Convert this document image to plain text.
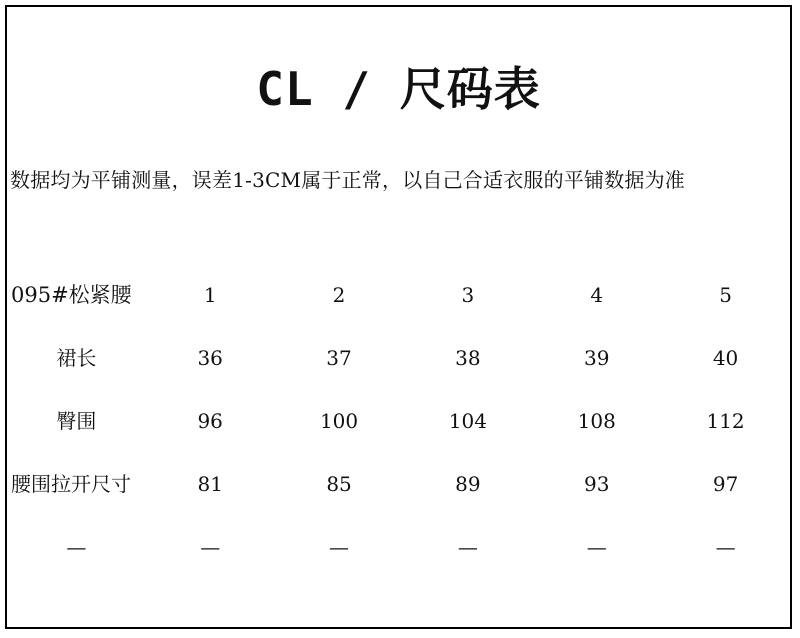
CL / 尺码表
数据均为平铺测量，误差1-3CM属于正常，以自己合适衣服的平铺数据为准
095#松紧腰	1	2	3	4	5
裙长	36	37	38	39	40
臀围	96	100	104	108	112
腰围拉开尺寸	81	85	89	93	97
—	—	—	—	—	—
